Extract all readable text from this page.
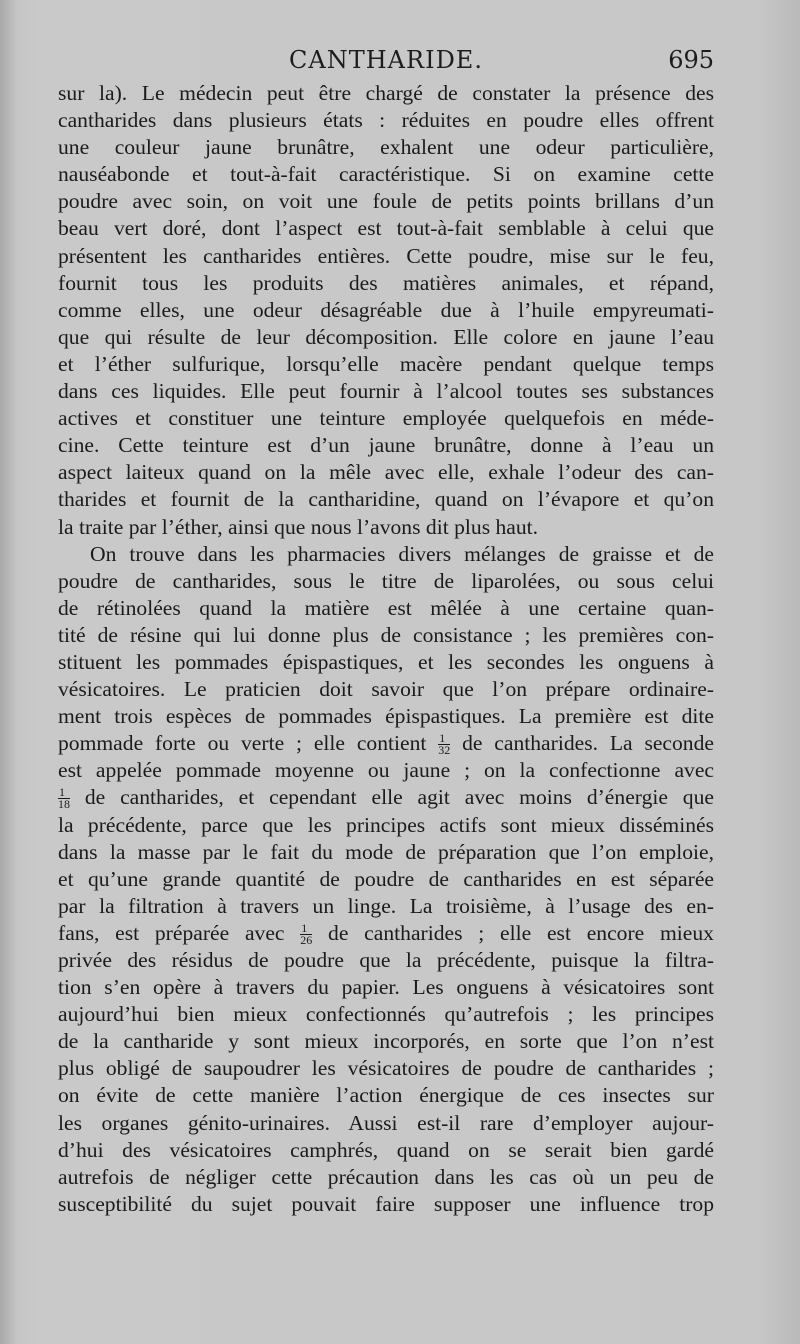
CANTHARIDE.	695
sur la). Le médecin peut être chargé de constater la présence des
cantharides dans plusieurs états : réduites en poudre elles offrent
une couleur jaune brunâtre, exhalent une odeur particulière,
nauséabonde et tout-à-fait caractéristique. Si on examine cette
poudre avec soin, on voit une foule de petits points brillans d’un
beau vert doré, dont l’aspect est tout-à-fait semblable à celui que
présentent les cantharides entières. Cette poudre, mise sur le feu,
fournit tous les produits des matières animales, et répand,
comme elles, une odeur désagréable due à l’huile empyreumati-
que qui résulte de leur décomposition. Elle colore en jaune l’eau
et l’éther sulfurique, lorsqu’elle macère pendant quelque temps
dans ces liquides. Elle peut fournir à l’alcool toutes ses substances
actives et constituer une teinture employée quelquefois en méde-
cine. Cette teinture est d’un jaune brunâtre, donne à l’eau un
aspect laiteux quand on la mêle avec elle, exhale l’odeur des can-
tharides et fournit de la cantharidine, quand on l’évapore et qu’on
la traite par l’éther, ainsi que nous l’avons dit plus haut.
On trouve dans les pharmacies divers mélanges de graisse et de
poudre de cantharides, sous le titre de liparolées, ou sous celui
de rétinolées quand la matière est mêlée à une certaine quan-
tité de résine qui lui donne plus de consistance ; les premières con-
stituent les pommades épispastiques, et les secondes les onguens à
vésicatoires. Le praticien doit savoir que l’on prépare ordinaire-
ment trois espèces de pommades épispastiques. La première est dite
pommade forte ou verte ; elle contient $\frac{1}{32}$ de cantharides. La seconde
est appelée pommade moyenne ou jaune ; on la confectionne avec
$\frac{1}{18}$ de cantharides, et cependant elle agit avec moins d’énergie que
la précédente, parce que les principes actifs sont mieux disséminés
dans la masse par le fait du mode de préparation que l’on emploie,
et qu’une grande quantité de poudre de cantharides en est séparée
par la filtration à travers un linge. La troisième, à l’usage des en-
fans, est préparée avec $\frac{1}{26}$ de cantharides ; elle est encore mieux
privée des résidus de poudre que la précédente, puisque la filtra-
tion s’en opère à travers du papier. Les onguens à vésicatoires sont
aujourd’hui bien mieux confectionnés qu’autrefois ; les principes
de la cantharide y sont mieux incorporés, en sorte que l’on n’est
plus obligé de saupoudrer les vésicatoires de poudre de cantharides ;
on évite de cette manière l’action énergique de ces insectes sur
les organes génito-urinaires. Aussi est-il rare d’employer aujour-
d’hui des vésicatoires camphrés, quand on se serait bien gardé
autrefois de négliger cette précaution dans les cas où un peu de
susceptibilité du sujet pouvait faire supposer une influence trop
